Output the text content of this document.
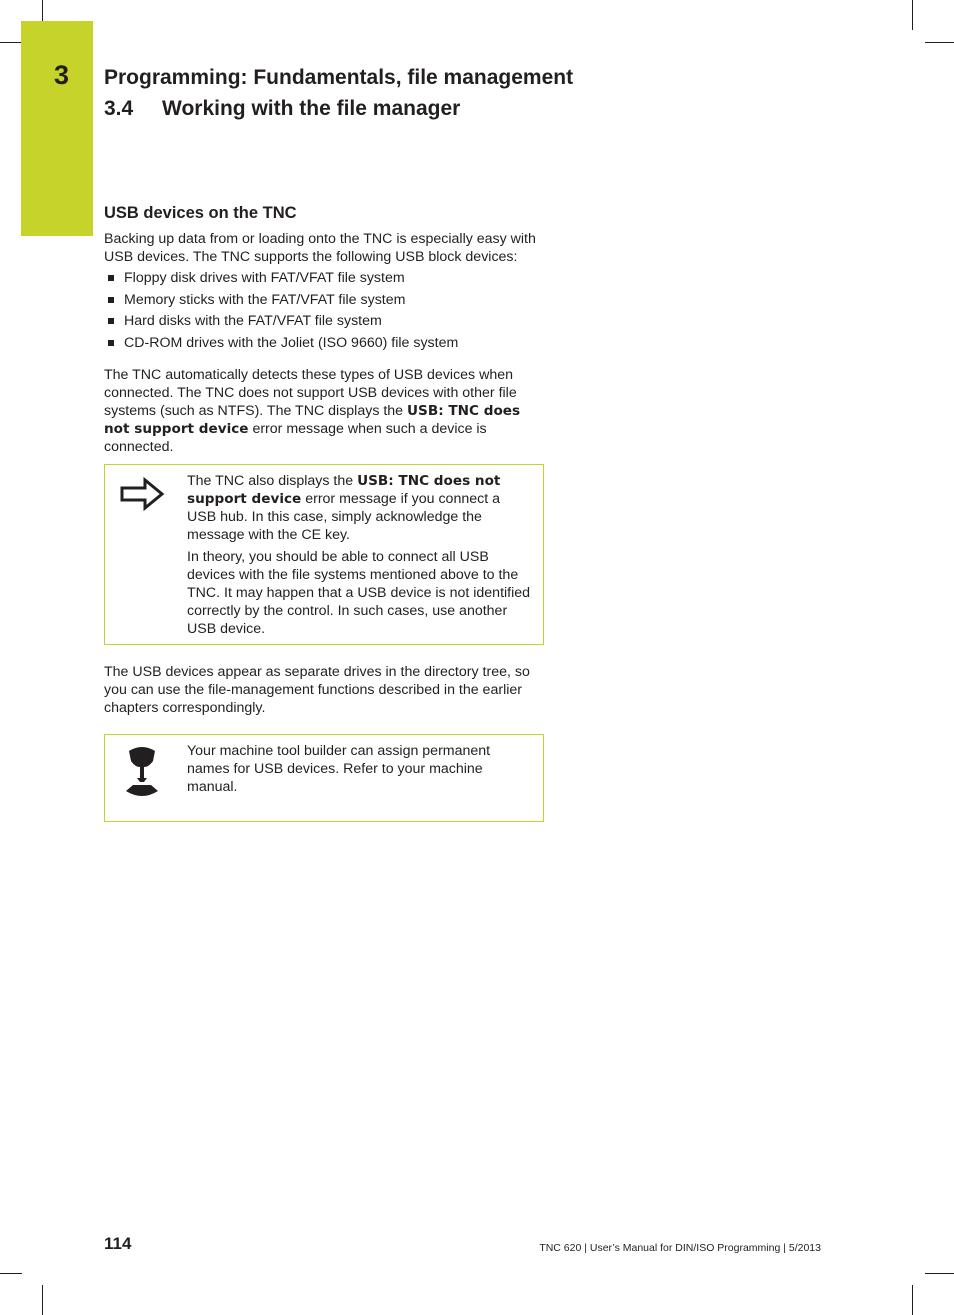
3 Programming: Fundamentals, file management
3.4 Working with the file manager
USB devices on the TNC

Backing up data from or loading onto the TNC is especially easy with USB devices. The TNC supports the following USB block devices:

Floppy disk drives with FAT/VFAT file system
Memory sticks with the FAT/VFAT file system
Hard disks with the FAT/VFAT file system
CD-ROM drives with the Joliet (ISO 9660) file system

The TNC automatically detects these types of USB devices when connected. The TNC does not support USB devices with other file systems (such as NTFS). The TNC displays the USB: TNC does not support device error message when such a device is connected.

The TNC also displays the USB: TNC does not support device error message if you connect a USB hub. In this case, simply acknowledge the message with the CE key.

In theory, you should be able to connect all USB devices with the file systems mentioned above to the TNC. It may happen that a USB device is not identified correctly by the control. In such cases, use another USB device.

The USB devices appear as separate drives in the directory tree, so you can use the file-management functions described in the earlier chapters correspondingly.

Your machine tool builder can assign permanent names for USB devices. Refer to your machine manual.

114	TNC 620 | User’s Manual for DIN/ISO Programming | 5/2013
